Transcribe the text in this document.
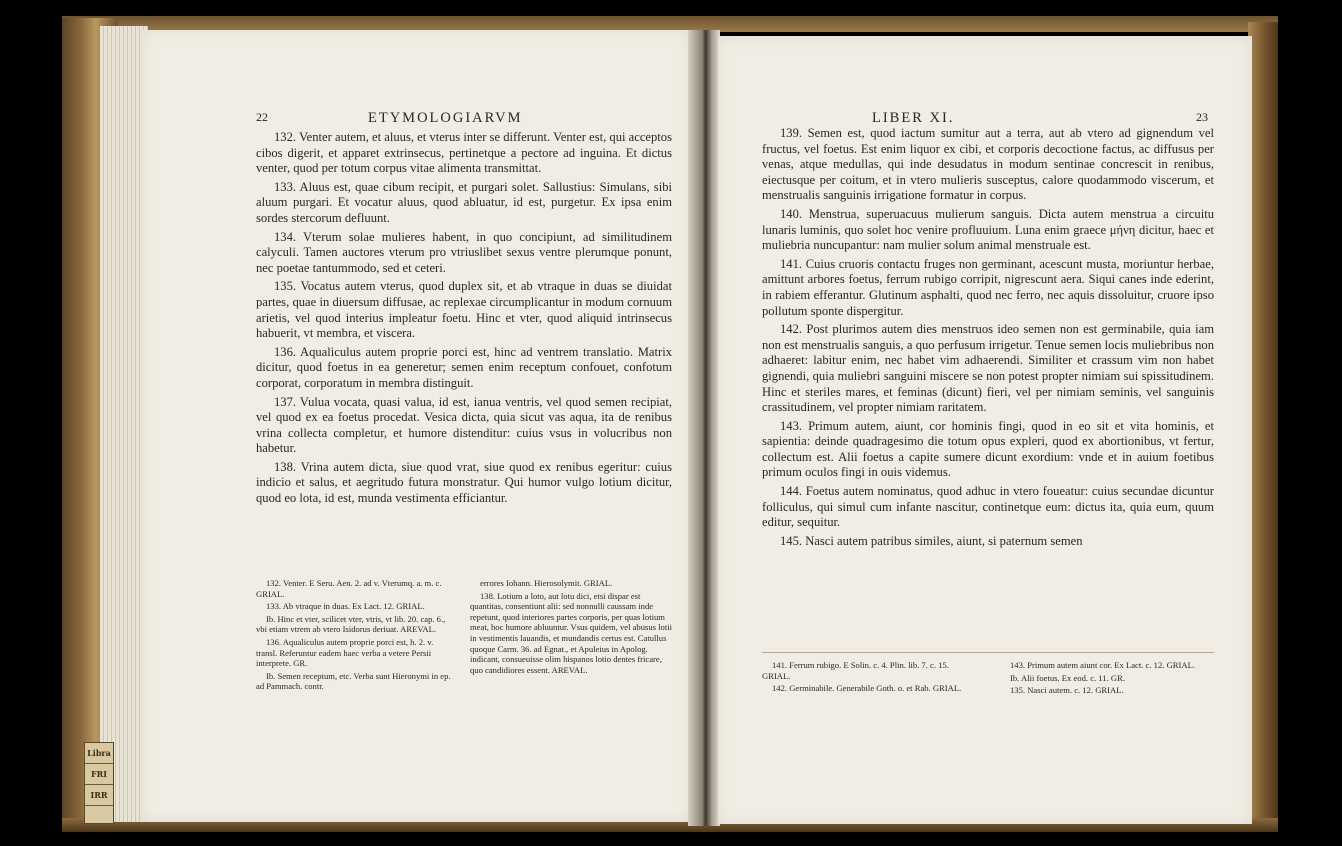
Libra
FRI
IRR
22	ETYMOLOGIARVM

132. Venter autem, et aluus, et vterus inter se differunt. Venter est, qui acceptos cibos digerit, et apparet extrinsecus, pertinetque a pectore ad inguina. Et dictus venter, quod per totum corpus vitae alimenta transmittat.

133. Aluus est, quae cibum recipit, et purgari solet. Sallustius: Simulans, sibi aluum purgari. Et vocatur aluus, quod abluatur, id est, purgetur. Ex ipsa enim sordes stercorum defluunt.

134. Vterum solae mulieres habent, in quo concipiunt, ad similitudinem calyculi. Tamen auctores vterum pro vtriuslibet sexus ventre plerumque ponunt, nec poetae tantummodo, sed et ceteri.

135. Vocatus autem vterus, quod duplex sit, et ab vtraque in duas se diuidat partes, quae in diuersum diffusae, ac replexae circumplicantur in modum cornuum arietis, vel quod interius impleatur foetu. Hinc et vter, quod aliquid intrinsecus habuerit, vt membra, et viscera.

136. Aqualiculus autem proprie porci est, hinc ad ventrem translatio. Matrix dicitur, quod foetus in ea generetur; semen enim receptum confouet, confotum corporat, corporatum in membra distinguit.

137. Vulua vocata, quasi valua, id est, ianua ventris, vel quod semen recipiat, vel quod ex ea foetus procedat. Vesica dicta, quia sicut vas aqua, ita de renibus vrina collecta completur, et humore distenditur: cuius vsus in volucribus non habetur.

138. Vrina autem dicta, siue quod vrat, siue quod ex renibus egeritur: cuius indicio et salus, et aegritudo futura monstratur. Qui humor vulgo lotium dicitur, quod eo lota, id est, munda vestimenta efficiantur.

132. Venter. E Seru. Aen. 2. ad v. Vterumq. a. m. c. GRIAL.

133. Ab vtraque in duas. Ex Lact. 12. GRIAL.

Ib. Hinc et vter, scilicet vter, vtris, vt lib. 20. cap. 6., vbi etiam vtrem ab vtero Isidorus deriuat. AREVAL.

136. Aqualiculus autem proprie porci est, h. 2. v. transl. Referuntur eadem haec verba a vetere Persii interprete. GR.

Ib. Semen receptum, etc. Verba sunt Hieronymi in ep. ad Pammach. contr.

errores Iohann. Hierosolymit. GRIAL.

138. Lotium a loto, aut lotu dici, etsi dispar est quantitas, consentiunt alii: sed nonnulli caussam inde repetunt, quod interiores partes corporis, per quas lotium meat, hoc humore abluuntur. Vsus quidem, vel abusus lotii in vestimentis lauandis, et mundandis certus est. Catullus quoque Carm. 36. ad Egnat., et Apuleius in Apolog. indicant, consueuisse olim hispanos lotio dentes fricare, quo candidiores essent. AREVAL.

LIBER XI.	23

139. Semen est, quod iactum sumitur aut a terra, aut ab vtero ad gignendum vel fructus, vel foetus. Est enim liquor ex cibi, et corporis decoctione factus, ac diffusus per venas, atque medullas, qui inde desudatus in modum sentinae concrescit in renibus, eiectusque per coitum, et in vtero mulieris susceptus, calore quodammodo viscerum, et menstrualis sanguinis irrigatione formatur in corpus.

140. Menstrua, superuacuus mulierum sanguis. Dicta autem menstrua a circuitu lunaris luminis, quo solet hoc venire profluuium. Luna enim graece μήνη dicitur, haec et muliebria nuncupantur: nam mulier solum animal menstruale est.

141. Cuius cruoris contactu fruges non germinant, acescunt musta, moriuntur herbae, amittunt arbores foetus, ferrum rubigo corripit, nigrescunt aera. Siqui canes inde ederint, in rabiem efferantur. Glutinum asphalti, quod nec ferro, nec aquis dissoluitur, cruore ipso pollutum sponte dispergitur.

142. Post plurimos autem dies menstruos ideo semen non est germinabile, quia iam non est menstrualis sanguis, a quo perfusum irrigetur. Tenue semen locis muliebribus non adhaeret: labitur enim, nec habet vim adhaerendi. Similiter et crassum vim non habet gignendi, quia muliebri sanguini miscere se non potest propter nimiam sui spissitudinem. Hinc et steriles mares, et feminas (dicunt) fieri, vel per nimiam seminis, vel sanguinis crassitudinem, vel propter nimiam raritatem.

143. Primum autem, aiunt, cor hominis fingi, quod in eo sit et vita hominis, et sapientia: deinde quadragesimo die totum opus expleri, quod ex abortionibus, vt fertur, collectum est. Alii foetus a capite sumere dicunt exordium: vnde et in auium foetibus primum oculos fingi in ouis videmus.

144. Foetus autem nominatus, quod adhuc in vtero foueatur: cuius secundae dicuntur folliculus, qui simul cum infante nascitur, continetque eum: dictus ita, quia eum, quum editur, sequitur.

145. Nasci autem patribus similes, aiunt, si paternum semen

141. Ferrum rubigo. E Solin. c. 4. Plin. lib. 7. c. 15. GRIAL.

142. Germinabile. Generabile Goth. o. et Rab. GRIAL.

143. Primum autem aiunt cor. Ex Lact. c. 12. GRIAL.

Ib. Alii foetus. Ex eod. c. 11. GR.

135. Nasci autem. c. 12. GRIAL.
